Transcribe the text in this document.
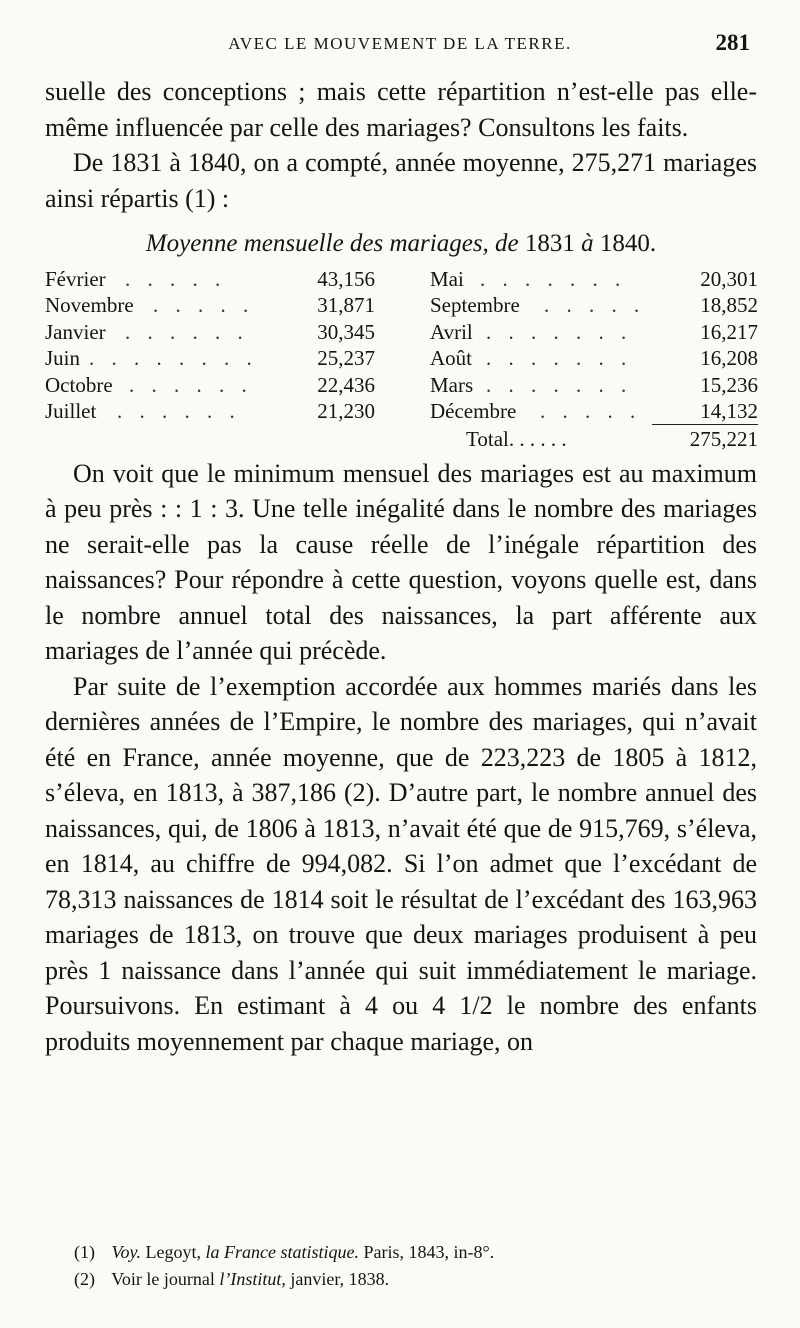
AVEC LE MOUVEMENT DE LA TERRE.	281

suelle des conceptions ; mais cette répartition n’est-elle pas elle-même influencée par celle des mariages? Consultons les faits.

De 1831 à 1840, on a compté, année moyenne, 275,271 mariages ainsi répartis (1) :

Moyenne mensuelle des mariages, de 1831 à 1840.
Février . . . . .	43,156
Novembre . . . . .	31,871
Janvier . . . . . .	30,345
Juin . . . . . . . .	25,237
Octobre . . . . . .	22,436
Juillet . . . . . .	21,230
Mai . . . . . . .	20,301
Septembre . . . . .	18,852
Avril . . . . . . .	16,217
Août . . . . . . .	16,208
Mars . . . . . . .	15,236
Décembre . . . . .	14,132
Total. . . . . .	275,221

On voit que le minimum mensuel des mariages est au maximum à peu près : : 1 : 3. Une telle inégalité dans le nombre des mariages ne serait-elle pas la cause réelle de l’inégale répartition des naissances? Pour répondre à cette question, voyons quelle est, dans le nombre annuel total des naissances, la part afférente aux mariages de l’année qui précède.

Par suite de l’exemption accordée aux hommes mariés dans les dernières années de l’Empire, le nombre des mariages, qui n’avait été en France, année moyenne, que de 223,223 de 1805 à 1812, s’éleva, en 1813, à 387,186 (2). D’autre part, le nombre annuel des naissances, qui, de 1806 à 1813, n’avait été que de 915,769, s’éleva, en 1814, au chiffre de 994,082. Si l’on admet que l’excédant de 78,313 naissances de 1814 soit le résultat de l’excédant des 163,963 mariages de 1813, on trouve que deux mariages produisent à peu près 1 naissance dans l’année qui suit immédiatement le mariage. Poursuivons. En estimant à 4 ou 4 1/2 le nombre des enfants produits moyennement par chaque mariage, on

(1) Voy. Legoyt, la France statistique. Paris, 1843, in-8°.
(2) Voir le journal l’Institut, janvier, 1838.
